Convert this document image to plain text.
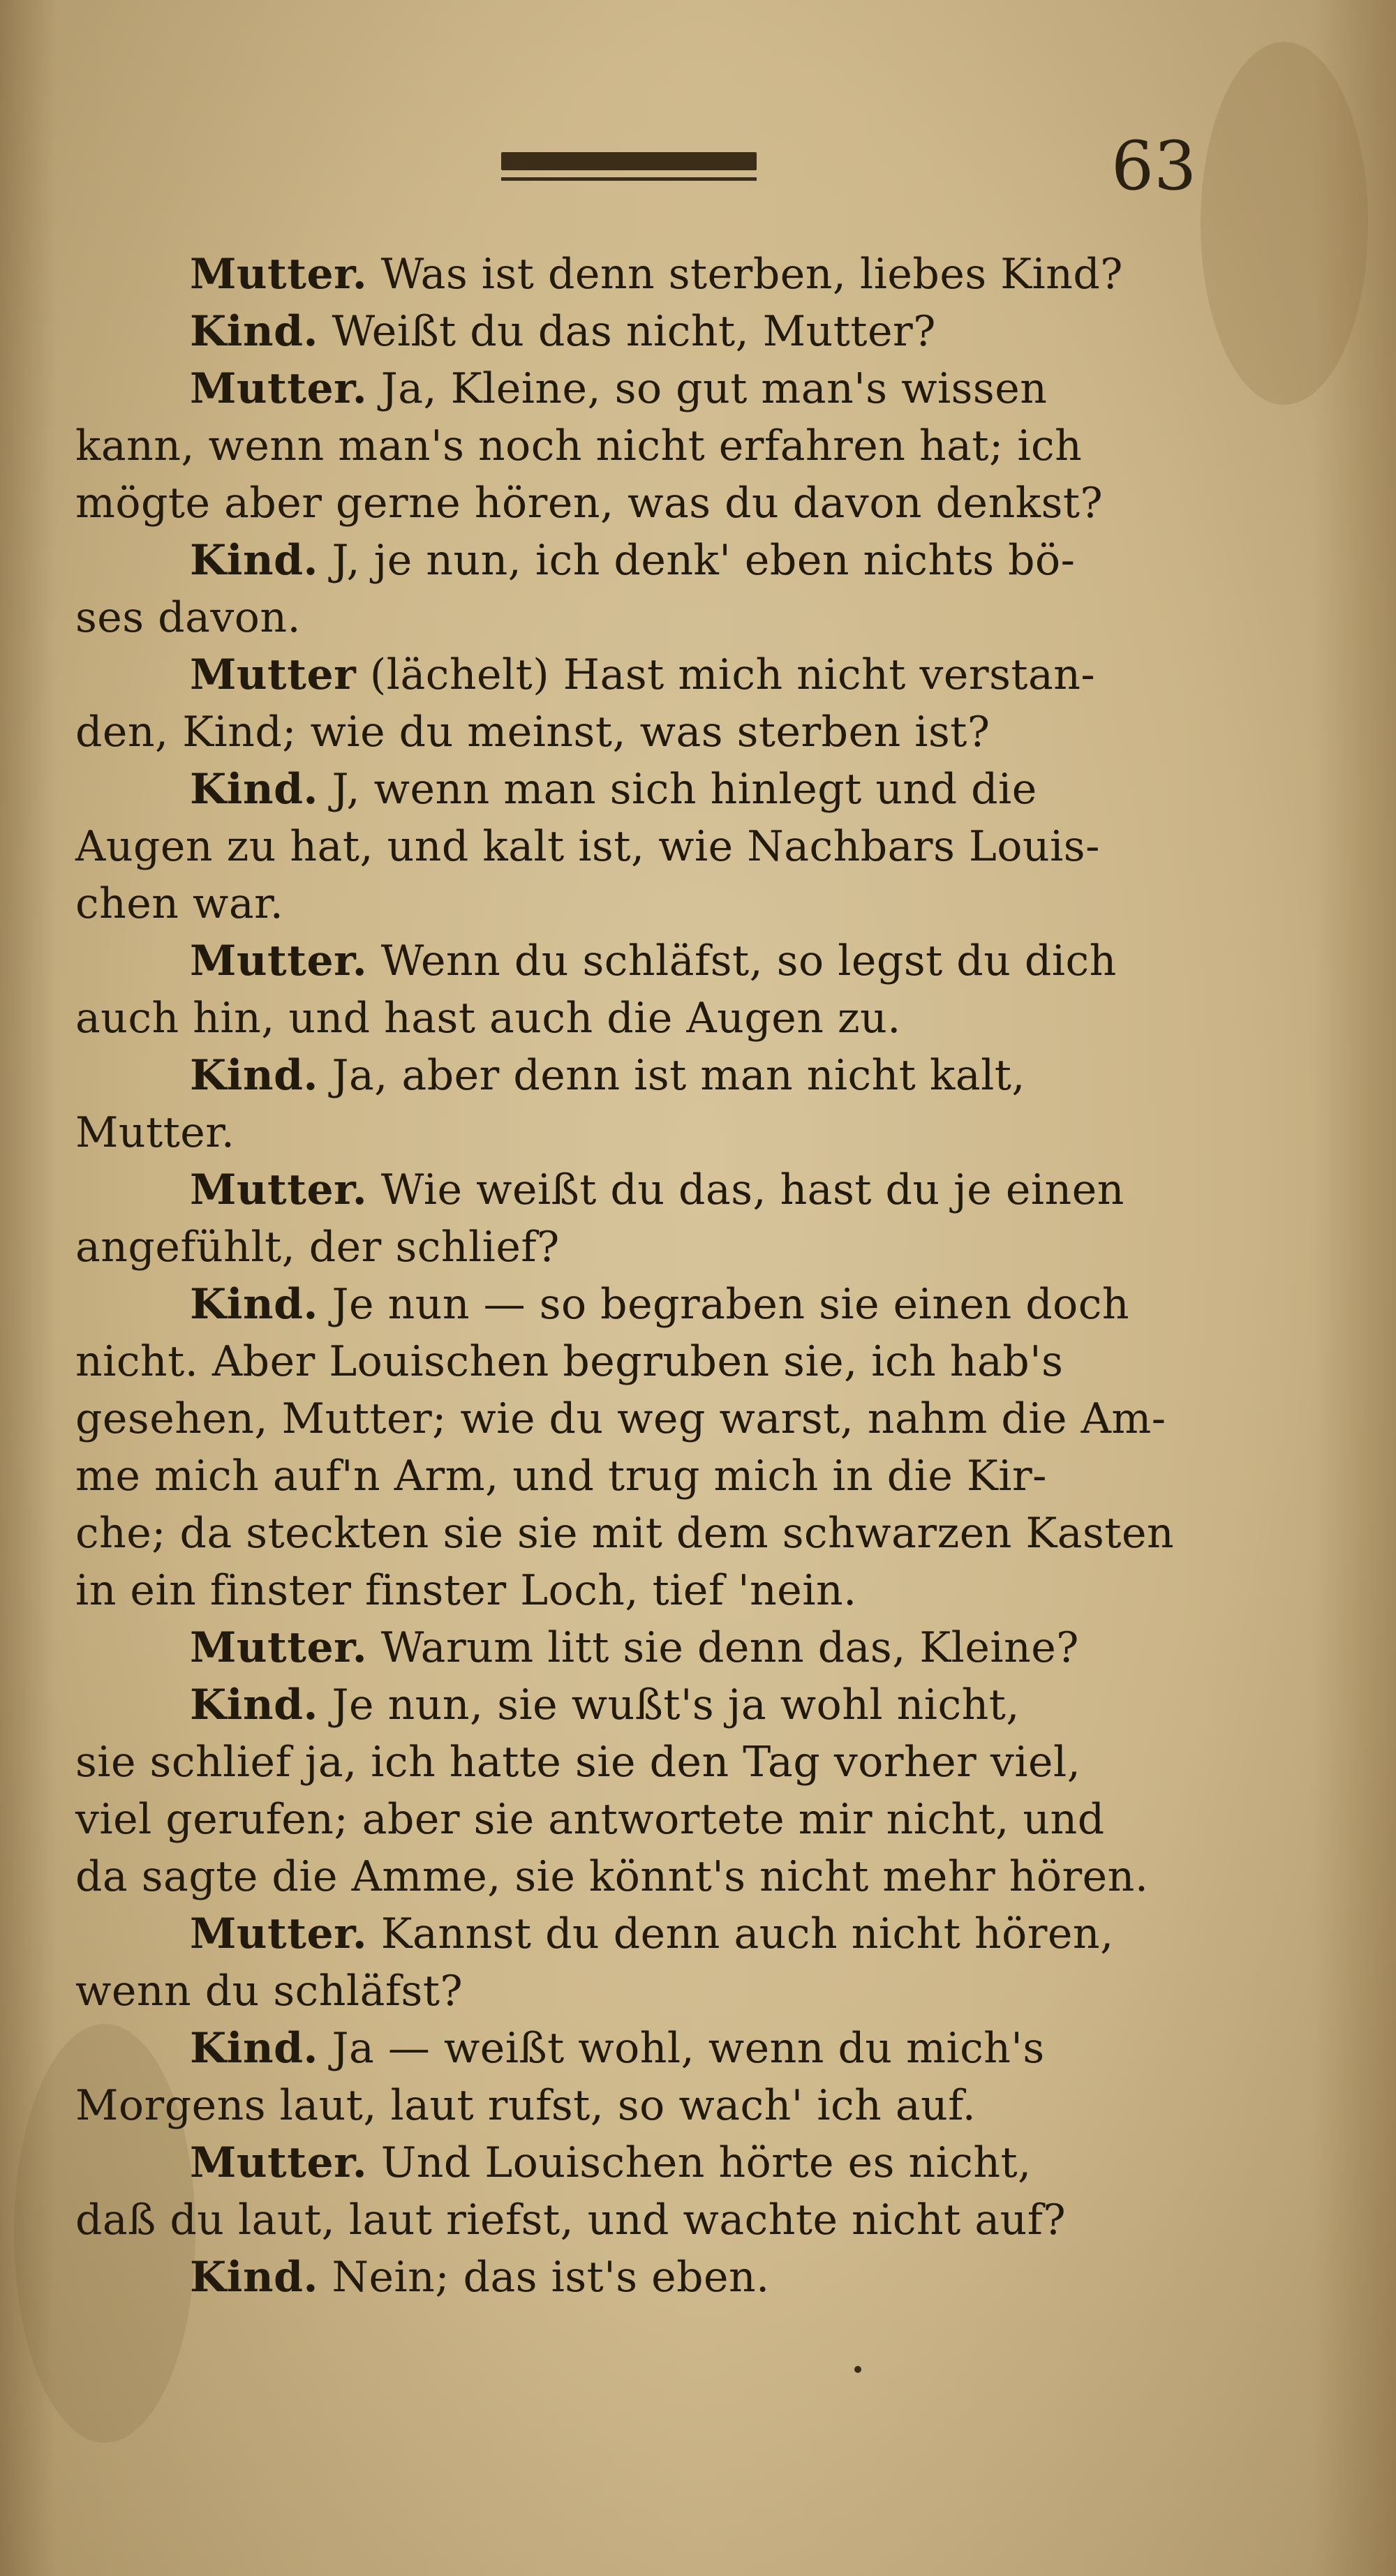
63
Mutter. Was ist denn sterben, liebes Kind?
Kind. Weißt du das nicht, Mutter?
Mutter. Ja, Kleine, so gut man's wissen
kann, wenn man's noch nicht erfahren hat; ich
mögte aber gerne hören, was du davon denkst?
Kind. J, je nun, ich denk' eben nichts bö-
ses davon.
Mutter (lächelt) Hast mich nicht verstan-
den, Kind; wie du meinst, was sterben ist?
Kind. J, wenn man sich hinlegt und die
Augen zu hat, und kalt ist, wie Nachbars Louis-
chen war.
Mutter. Wenn du schläfst, so legst du dich
auch hin, und hast auch die Augen zu.
Kind. Ja, aber denn ist man nicht kalt,
Mutter.
Mutter. Wie weißt du das, hast du je einen
angefühlt, der schlief?
Kind. Je nun — so begraben sie einen doch
nicht. Aber Louischen begruben sie, ich hab's
gesehen, Mutter; wie du weg warst, nahm die Am-
me mich auf'n Arm, und trug mich in die Kir-
che; da steckten sie sie mit dem schwarzen Kasten
in ein finster finster Loch, tief 'nein.
Mutter. Warum litt sie denn das, Kleine?
Kind. Je nun, sie wußt's ja wohl nicht,
sie schlief ja, ich hatte sie den Tag vorher viel,
viel gerufen; aber sie antwortete mir nicht, und
da sagte die Amme, sie könnt's nicht mehr hören.
Mutter. Kannst du denn auch nicht hören,
wenn du schläfst?
Kind. Ja — weißt wohl, wenn du mich's
Morgens laut, laut rufst, so wach' ich auf.
Mutter. Und Louischen hörte es nicht,
daß du laut, laut riefst, und wachte nicht auf?
Kind. Nein; das ist's eben.
